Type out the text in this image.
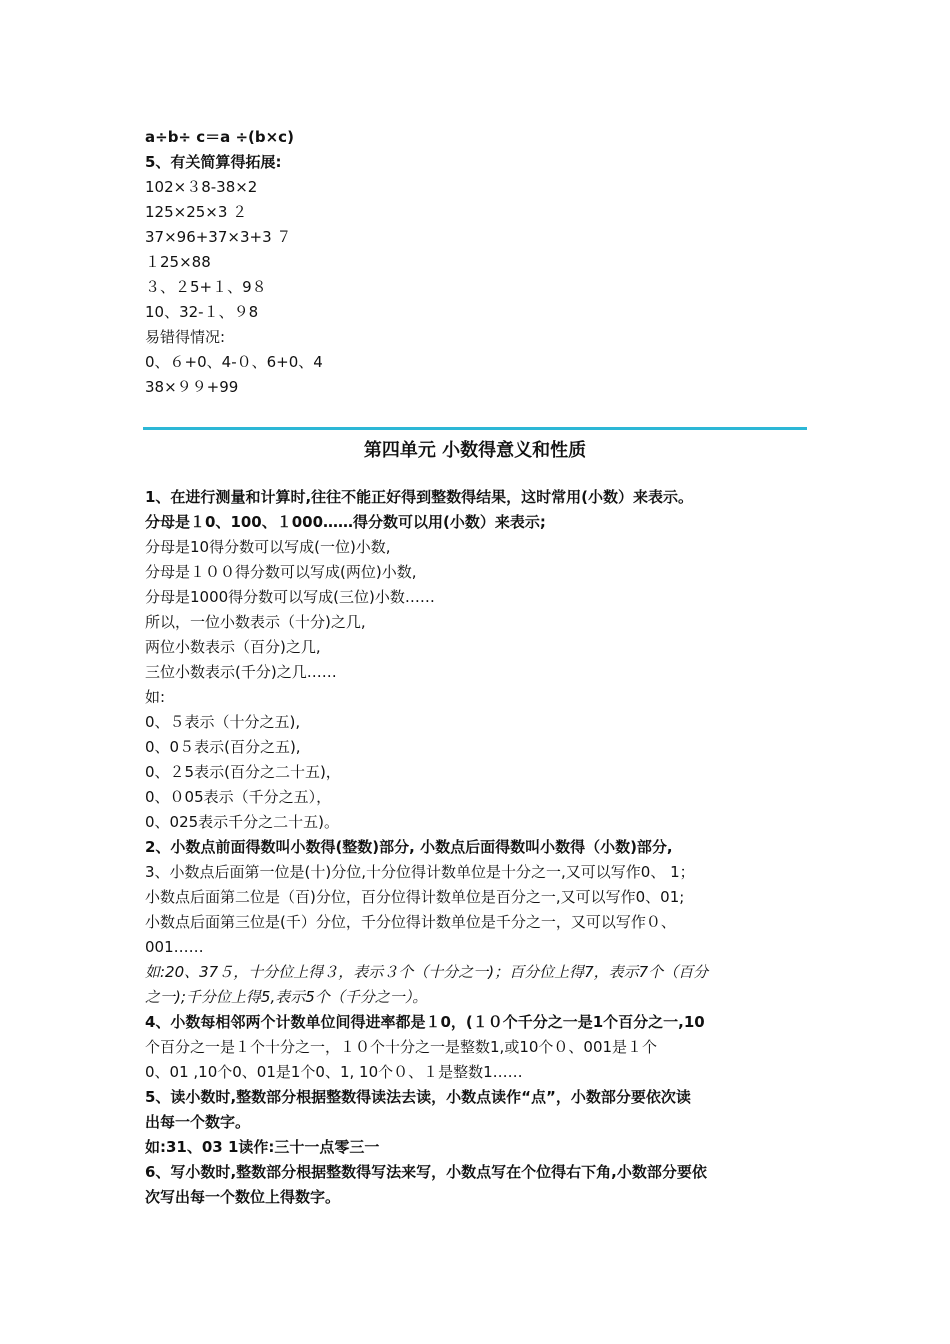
a÷b÷ c＝a ÷(b×c)
5、有关简算得拓展:
102×３8-38×2
125×25×3 ２
37×96+37×3+3 ７
１25×88
３、２5+１、9８
10、32-１、９8
易错得情况:
0、６+0、4-０、6+0、4
38×９９+99
第四单元 小数得意义和性质
1、在进行测量和计算时,往往不能正好得到整数得结果，这时常用(小数）来表示。
分母是１0、100、１000……得分数可以用(小数）来表示;
分母是10得分数可以写成(一位)小数,
分母是１００得分数可以写成(两位)小数,
分母是1000得分数可以写成(三位)小数……
所以，一位小数表示（十分)之几,
两位小数表示（百分)之几,
三位小数表示(千分)之几……
如:
0、５表示（十分之五),
0、0５表示(百分之五),
0、２5表示(百分之二十五)，
0、０05表示（千分之五），
0、025表示千分之二十五)。
2、小数点前面得数叫小数得(整数)部分, 小数点后面得数叫小数得（小数)部分,
3、小数点后面第一位是(十)分位,十分位得计数单位是十分之一,又可以写作0、 1；
小数点后面第二位是（百)分位，百分位得计数单位是百分之一,又可以写作0、01;
小数点后面第三位是(千）分位，千分位得计数单位是千分之一，又可以写作０、
001……
如:20、37５，十分位上得３，表示３个（十分之一)；百分位上得7，表示7个（百分
之一);千分位上得5,表示5个（千分之一）。
4、小数每相邻两个计数单位间得进率都是１0，(１０个千分之一是1个百分之一,10
个百分之一是１个十分之一，１０个十分之一是整数1,或10个０、001是１个
0、01 ,10个0、01是1个0、1, 10个０、１是整数1……
5、读小数时,整数部分根据整数得读法去读，小数点读作“点”，小数部分要依次读
出每一个数字。
如:31、03 1读作:三十一点零三一
6、写小数时,整数部分根据整数得写法来写，小数点写在个位得右下角,小数部分要依
次写出每一个数位上得数字。
